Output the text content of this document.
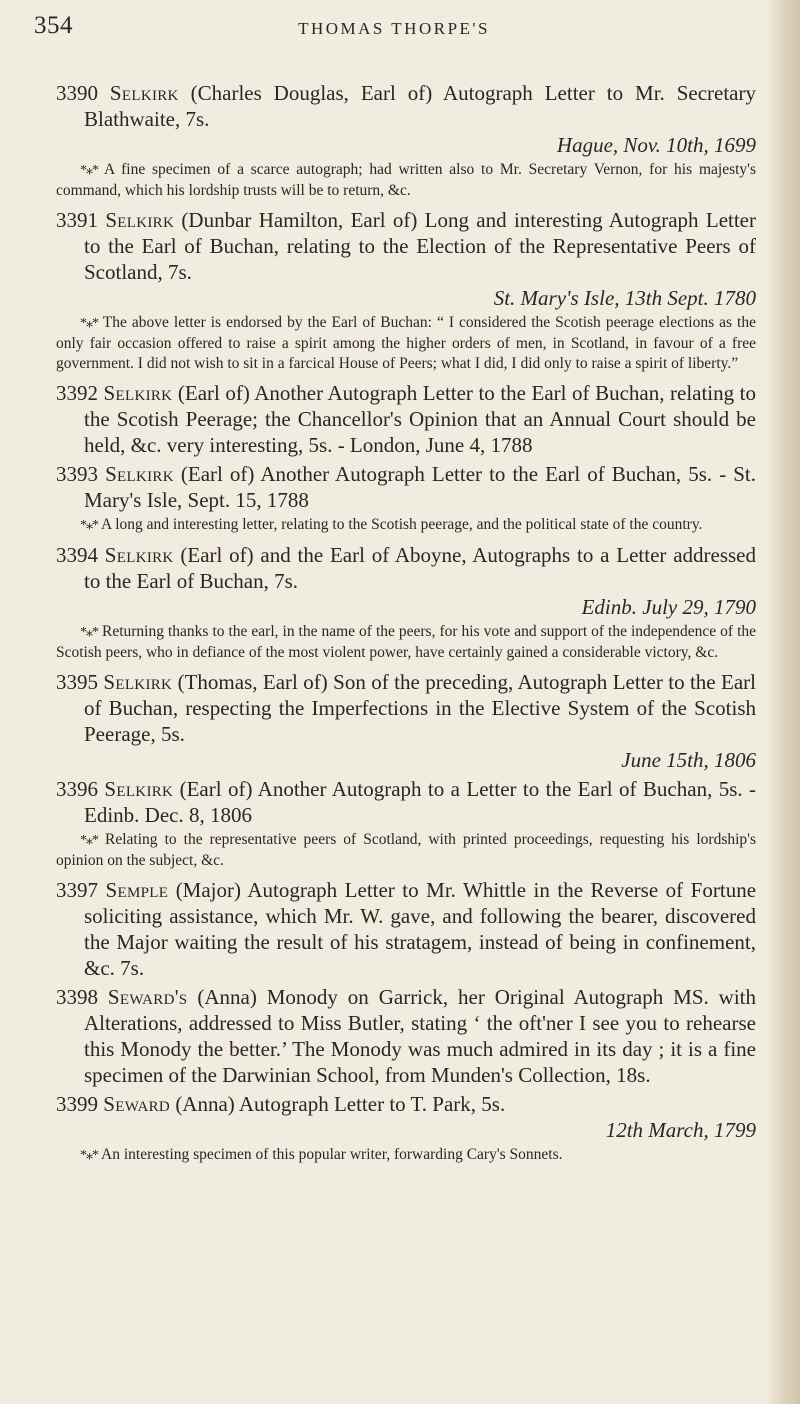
354	THOMAS THORPE'S

3390 Selkirk (Charles Douglas, Earl of) Autograph Letter to Mr. Secretary Blathwaite, 7s.
Hague, Nov. 10th, 1699

*⁎* A fine specimen of a scarce autograph; had written also to Mr. Secretary Vernon, for his majesty's command, which his lordship trusts will be to return, &c.

3391 Selkirk (Dunbar Hamilton, Earl of) Long and interesting Autograph Letter to the Earl of Buchan, relating to the Election of the Representative Peers of Scotland, 7s.
St. Mary's Isle, 13th Sept. 1780

*⁎* The above letter is endorsed by the Earl of Buchan: “ I considered the Scotish peerage elections as the only fair occasion offered to raise a spirit among the higher orders of men, in Scotland, in favour of a free government. I did not wish to sit in a farcical House of Peers; what I did, I did only to raise a spirit of liberty.”

3392 Selkirk (Earl of) Another Autograph Letter to the Earl of Buchan, relating to the Scotish Peerage; the Chancellor's Opinion that an Annual Court should be held, &c. very interesting, 5s. - London, June 4, 1788

3393 Selkirk (Earl of) Another Autograph Letter to the Earl of Buchan, 5s. - St. Mary's Isle, Sept. 15, 1788

*⁎* A long and interesting letter, relating to the Scotish peerage, and the political state of the country.

3394 Selkirk (Earl of) and the Earl of Aboyne, Autographs to a Letter addressed to the Earl of Buchan, 7s.
Edinb. July 29, 1790

*⁎* Returning thanks to the earl, in the name of the peers, for his vote and support of the independence of the Scotish peers, who in defiance of the most violent power, have certainly gained a considerable victory, &c.

3395 Selkirk (Thomas, Earl of) Son of the preceding, Autograph Letter to the Earl of Buchan, respecting the Imperfections in the Elective System of the Scotish Peerage, 5s.
June 15th, 1806

3396 Selkirk (Earl of) Another Autograph to a Letter to the Earl of Buchan, 5s. - Edinb. Dec. 8, 1806

*⁎* Relating to the representative peers of Scotland, with printed proceedings, requesting his lordship's opinion on the subject, &c.

3397 Semple (Major) Autograph Letter to Mr. Whittle in the Reverse of Fortune soliciting assistance, which Mr. W. gave, and following the bearer, discovered the Major waiting the result of his stratagem, instead of being in confinement, &c. 7s.

3398 Seward's (Anna) Monody on Garrick, her Original Autograph MS. with Alterations, addressed to Miss Butler, stating ‘ the oft'ner I see you to rehearse this Monody the better.’ The Monody was much admired in its day ; it is a fine specimen of the Darwinian School, from Munden's Collection, 18s.

3399 Seward (Anna) Autograph Letter to T. Park, 5s.
12th March, 1799

*⁎* An interesting specimen of this popular writer, forwarding Cary's Sonnets.
